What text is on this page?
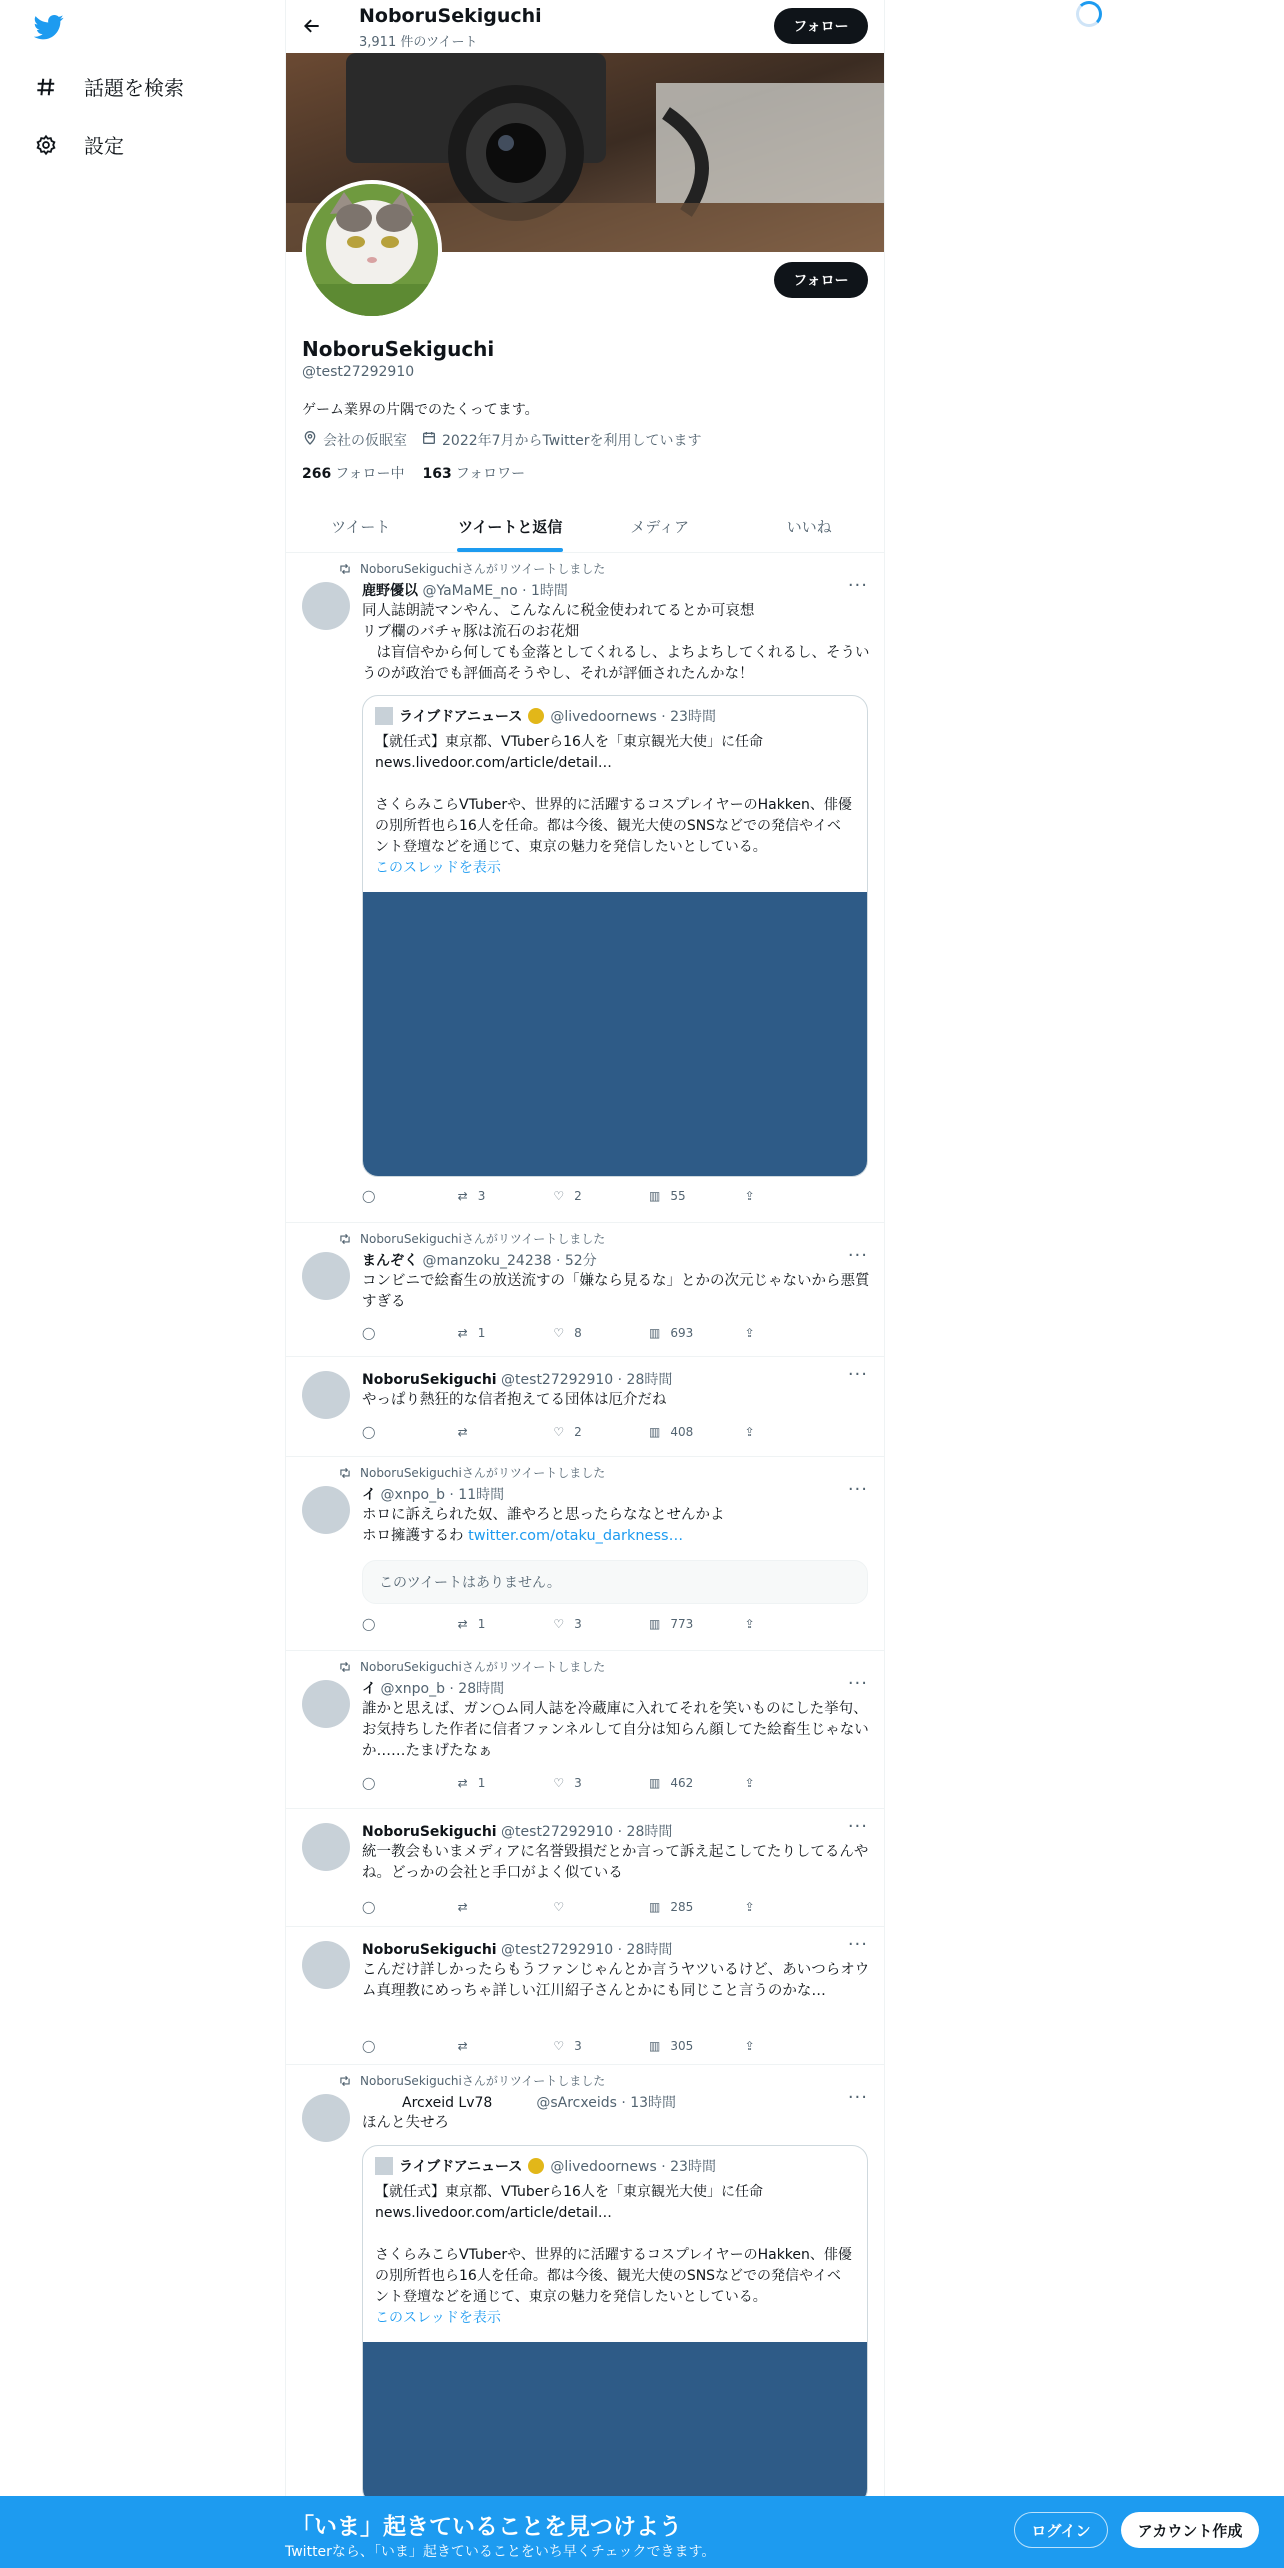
話題を検索
設定
NoboruSekiguchi
3,911 件のツイート
フォロー
フォロー
NoboruSekiguchi
@test27292910
ゲーム業界の片隅でのたくってます。
会社の仮眠室	2022年7月からTwitterを利用しています
266 フォロー中 163 フォロワー
ツイート	ツイートと返信	メディア	いいね
NoboruSekiguchiさんがリツイートしました
鹿野優以 @YaMaME_no · 1時間	···
同人誌朗読マンやん、こんなんに税金使われてるとか可哀想
リブ欄のバチャ豚は流石のお花畑
　は盲信やから何しても金落としてくれるし、よちよちしてくれるし、そういうのが政治でも評価高そうやし、それが評価されたんかな！
ライブドアニュース @livedoornews · 23時間
【就任式】東京都、VTuberら16人を「東京観光大使」に任命
news.livedoor.com/article/detail…
さくらみこらVTuberや、世界的に活躍するコスプレイヤーのHakken、俳優の別所哲也ら16人を任命。都は今後、観光大使のSNSなどでの発信やイベント登壇などを通じて、東京の魅力を発信したいとしている。
このスレッドを表示
◯	⇄ 3	♡ 2	▥ 55	⇪
NoboruSekiguchiさんがリツイートしました
まんぞく @manzoku_24238 · 52分	···
コンビニで絵畜生の放送流すの「嫌なら見るな」とかの次元じゃないから悪質すぎる
◯	⇄ 1	♡ 8	▥ 693	⇪
NoboruSekiguchi @test27292910 · 28時間	···
やっぱり熱狂的な信者抱えてる団体は厄介だね
◯	⇄	♡ 2	▥ 408	⇪
NoboruSekiguchiさんがリツイートしました
イ @xnpo_b · 11時間	···
ホロに訴えられた奴、誰やろと思ったらななとせんかよ
ホロ擁護するわ twitter.com/otaku_darkness…
このツイートはありません。
◯	⇄ 1	♡ 3	▥ 773	⇪
NoboruSekiguchiさんがリツイートしました
イ @xnpo_b · 28時間	···
誰かと思えば、ガン○ム同人誌を冷蔵庫に入れてそれを笑いものにした挙句、お気持ちした作者に信者ファンネルして自分は知らん顔してた絵畜生じゃないか……たまげたなぁ
◯	⇄ 1	♡ 3	▥ 462	⇪
NoboruSekiguchi @test27292910 · 28時間	···
統一教会もいまメディアに名誉毀損だとか言って訴え起こしてたりしてるんやね。どっかの会社と手口がよく似ている
◯	⇄	♡	▥ 285	⇪
NoboruSekiguchi @test27292910 · 28時間	···
こんだけ詳しかったらもうファンじゃんとか言うヤツいるけど、あいつらオウム真理教にめっちゃ詳しい江川紹子さんとかにも同じこと言うのかな…
◯	⇄	♡ 3	▥ 305	⇪
NoboruSekiguchiさんがリツイートしました
Arcxeid Lv78	@sArcxeids · 13時間	···
ほんと失せろ
ライブドアニュース @livedoornews · 23時間
【就任式】東京都、VTuberら16人を「東京観光大使」に任命
news.livedoor.com/article/detail…
さくらみこらVTuberや、世界的に活躍するコスプレイヤーのHakken、俳優の別所哲也ら16人を任命。都は今後、観光大使のSNSなどでの発信やイベント登壇などを通じて、東京の魅力を発信したいとしている。
このスレッドを表示
「いま」起きていることを見つけよう
Twitterなら、「いま」起きていることをいち早くチェックできます。
ログイン	アカウント作成
